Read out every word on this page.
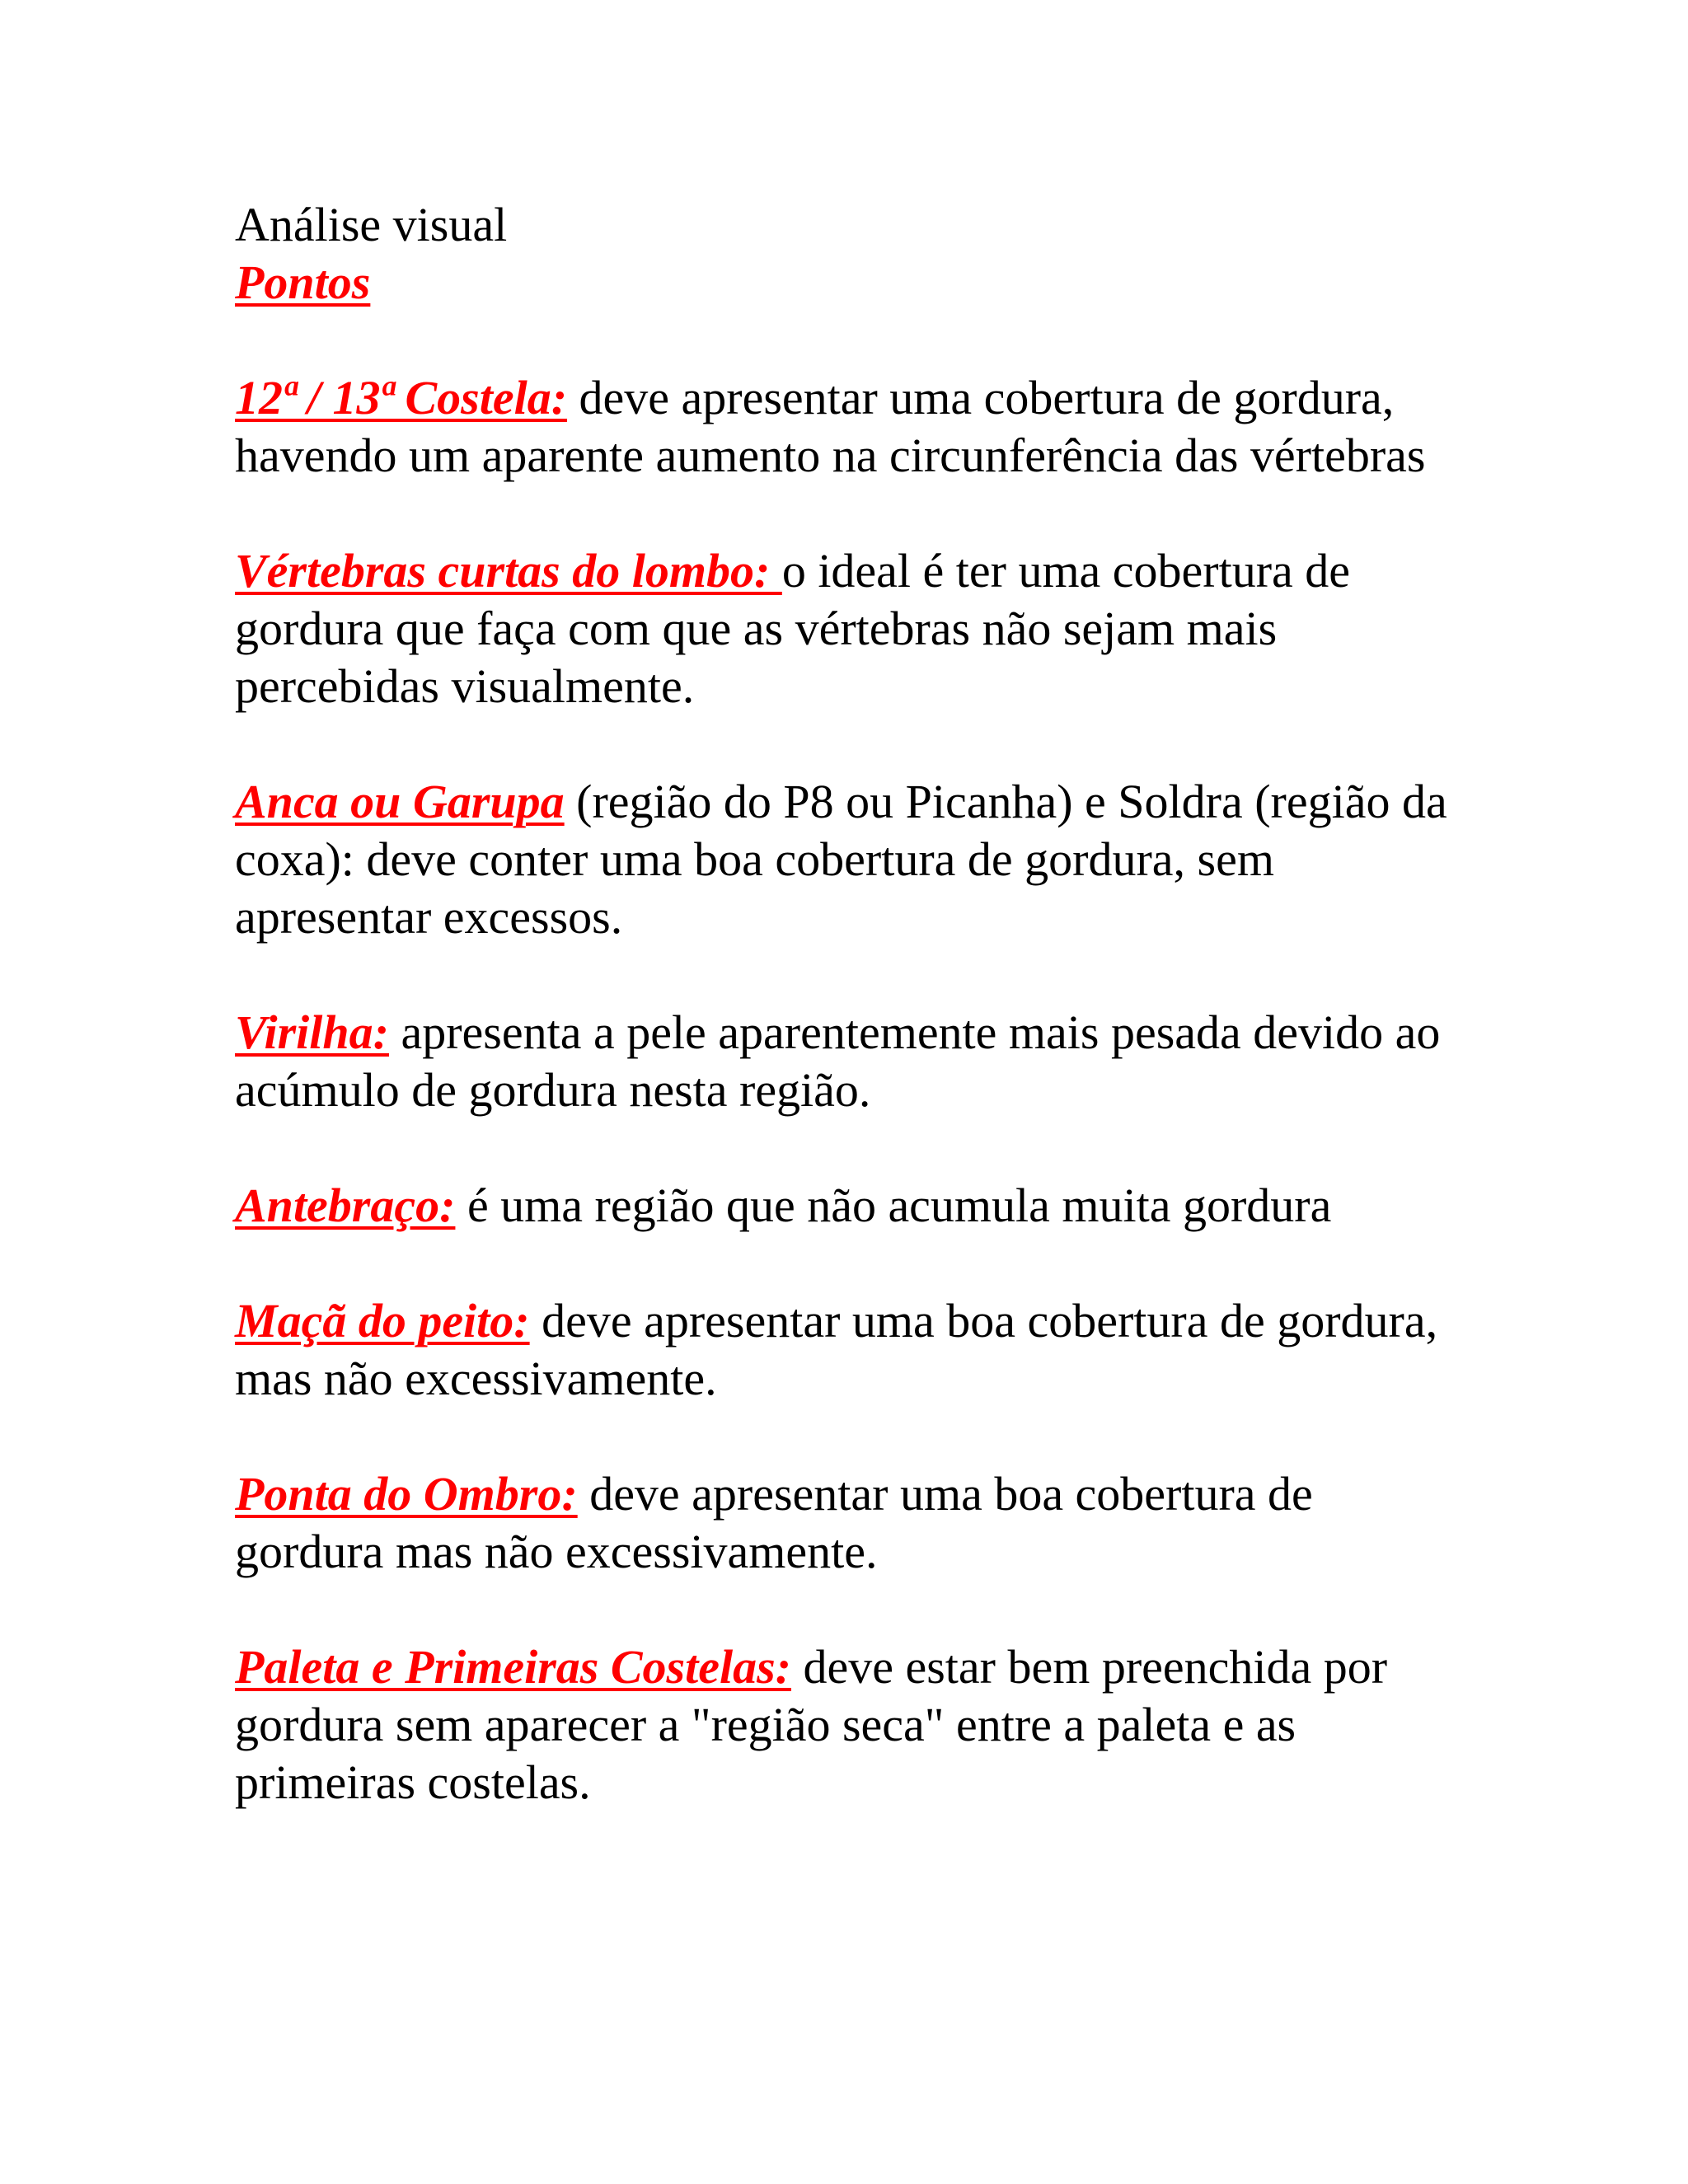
Análise visual
Pontos

12ª / 13ª Costela: deve apresentar uma cobertura de gordura, havendo um aparente aumento na circunferência das vértebras

Vértebras curtas do lombo: o ideal é ter uma cobertura de gordura que faça com que as vértebras não sejam mais percebidas visualmente.

Anca ou Garupa (região do P8 ou Picanha) e Soldra (região da coxa): deve conter uma boa cobertura de gordura, sem apresentar excessos.

Virilha: apresenta a pele aparentemente mais pesada devido ao acúmulo de gordura nesta região.

Antebraço: é uma região que não acumula muita gordura

Maçã do peito: deve apresentar uma boa cobertura de gordura, mas não excessivamente.

Ponta do Ombro: deve apresentar uma boa cobertura de gordura mas não excessivamente.

Paleta e Primeiras Costelas: deve estar bem preenchida por gordura sem aparecer a "região seca" entre a paleta e as primeiras costelas.
